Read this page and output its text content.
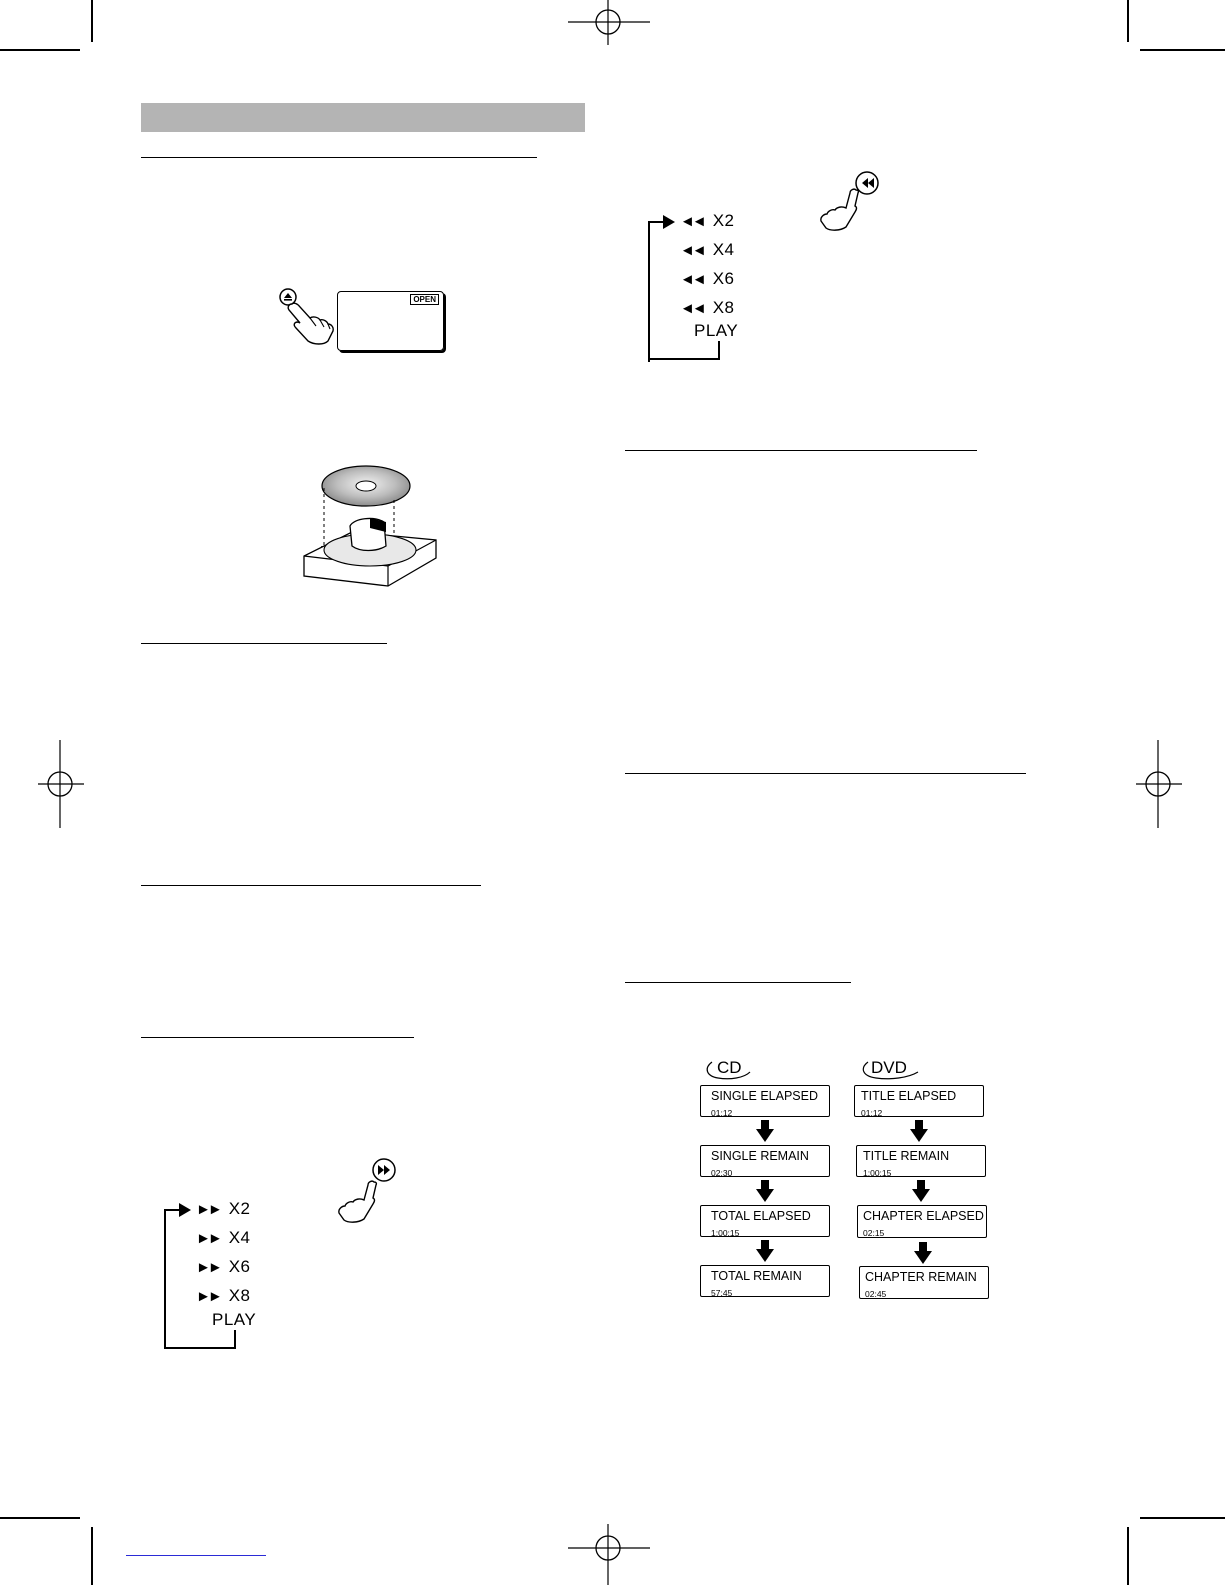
OPEN
◄◄ X2
◄◄ X4
◄◄ X6
◄◄ X8
PLAY
►► X2
►► X4
►► X6
►► X8
PLAY
CD
SINGLE ELAPSED
01:12
SINGLE REMAIN
02:30
TOTAL ELAPSED
1:00:15
TOTAL REMAIN
57:45
DVD
TITLE ELAPSED
01:12
TITLE REMAIN
1:00:15
CHAPTER ELAPSED
02:15
CHAPTER REMAIN
02:45
